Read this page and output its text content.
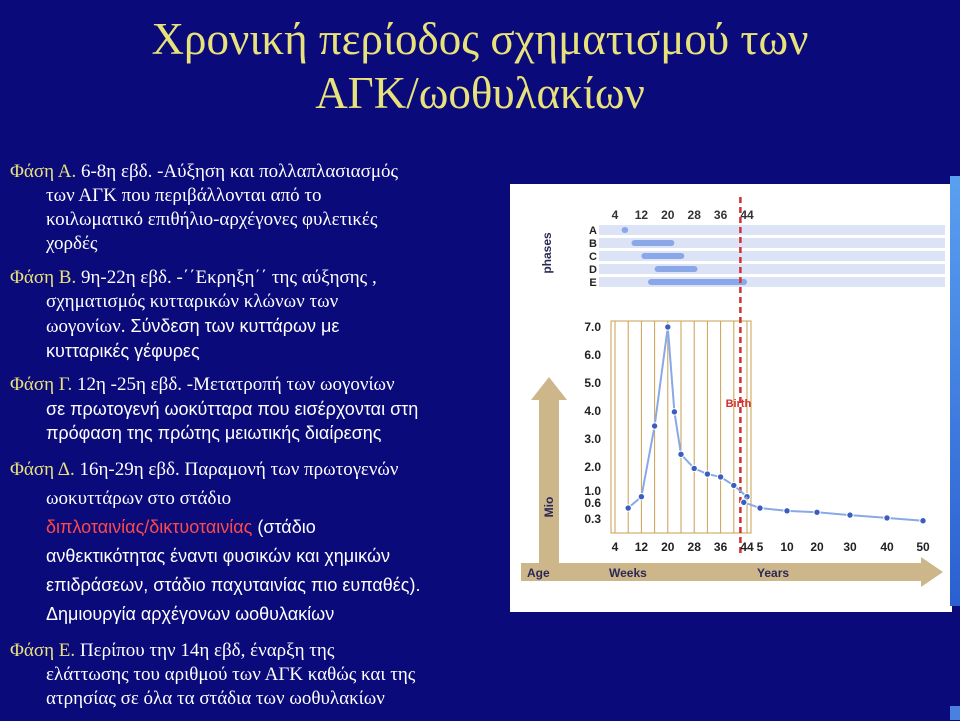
Χρονική περίοδος σχηματισμού των
ΑΓΚ/ωοθυλακίων
Φάση Α. 6-8η εβδ. -Αύξηση και πολλαπλασιασμός
των ΑΓΚ που περιβάλλονται από το
κοιλωματικό επιθήλιο-αρχέγονες φυλετικές
χορδές
Φάση Β. 9η-22η εβδ. -΄΄Εκρηξη΄΄ της αύξησης ,
σχηματισμός κυτταρικών κλώνων των
ωογονίων. Σύνδεση των κυττάρων με
κυτταρικές γέφυρες
Φάση Γ. 12η -25η εβδ. -Μετατροπή των ωογονίων
σε πρωτογενή ωοκύτταρα που εισέρχονται στη
πρόφαση της πρώτης μειωτικής διαίρεσης
Φάση Δ. 16η-29η εβδ. Παραμονή των πρωτογενών
ωοκυττάρων στο στάδιο
διπλοταινίας/δικτυοταινίας (στάδιο
ανθεκτικότητας έναντι φυσικών και χημικών
επιδράσεων, στάδιο παχυταινίας πιο ευπαθές).
Δημιουργία αρχέγονων ωοθυλακίων
Φάση Ε. Περίπου την 14η εβδ, έναρξη της
ελάττωσης του αριθμού των ΑΓΚ καθώς και της
ατρησίας σε όλα τα στάδια των ωοθυλακίων
4 12 20 28 36 44
phases
A
B
C
D
E
Mio
7.0
6.0
5.0
4.0
3.0
2.0
1.0
0.6
0.3
Birth
4 12 20 28 36 44 5 10 20 30 40 50
Age	Weeks	Years
